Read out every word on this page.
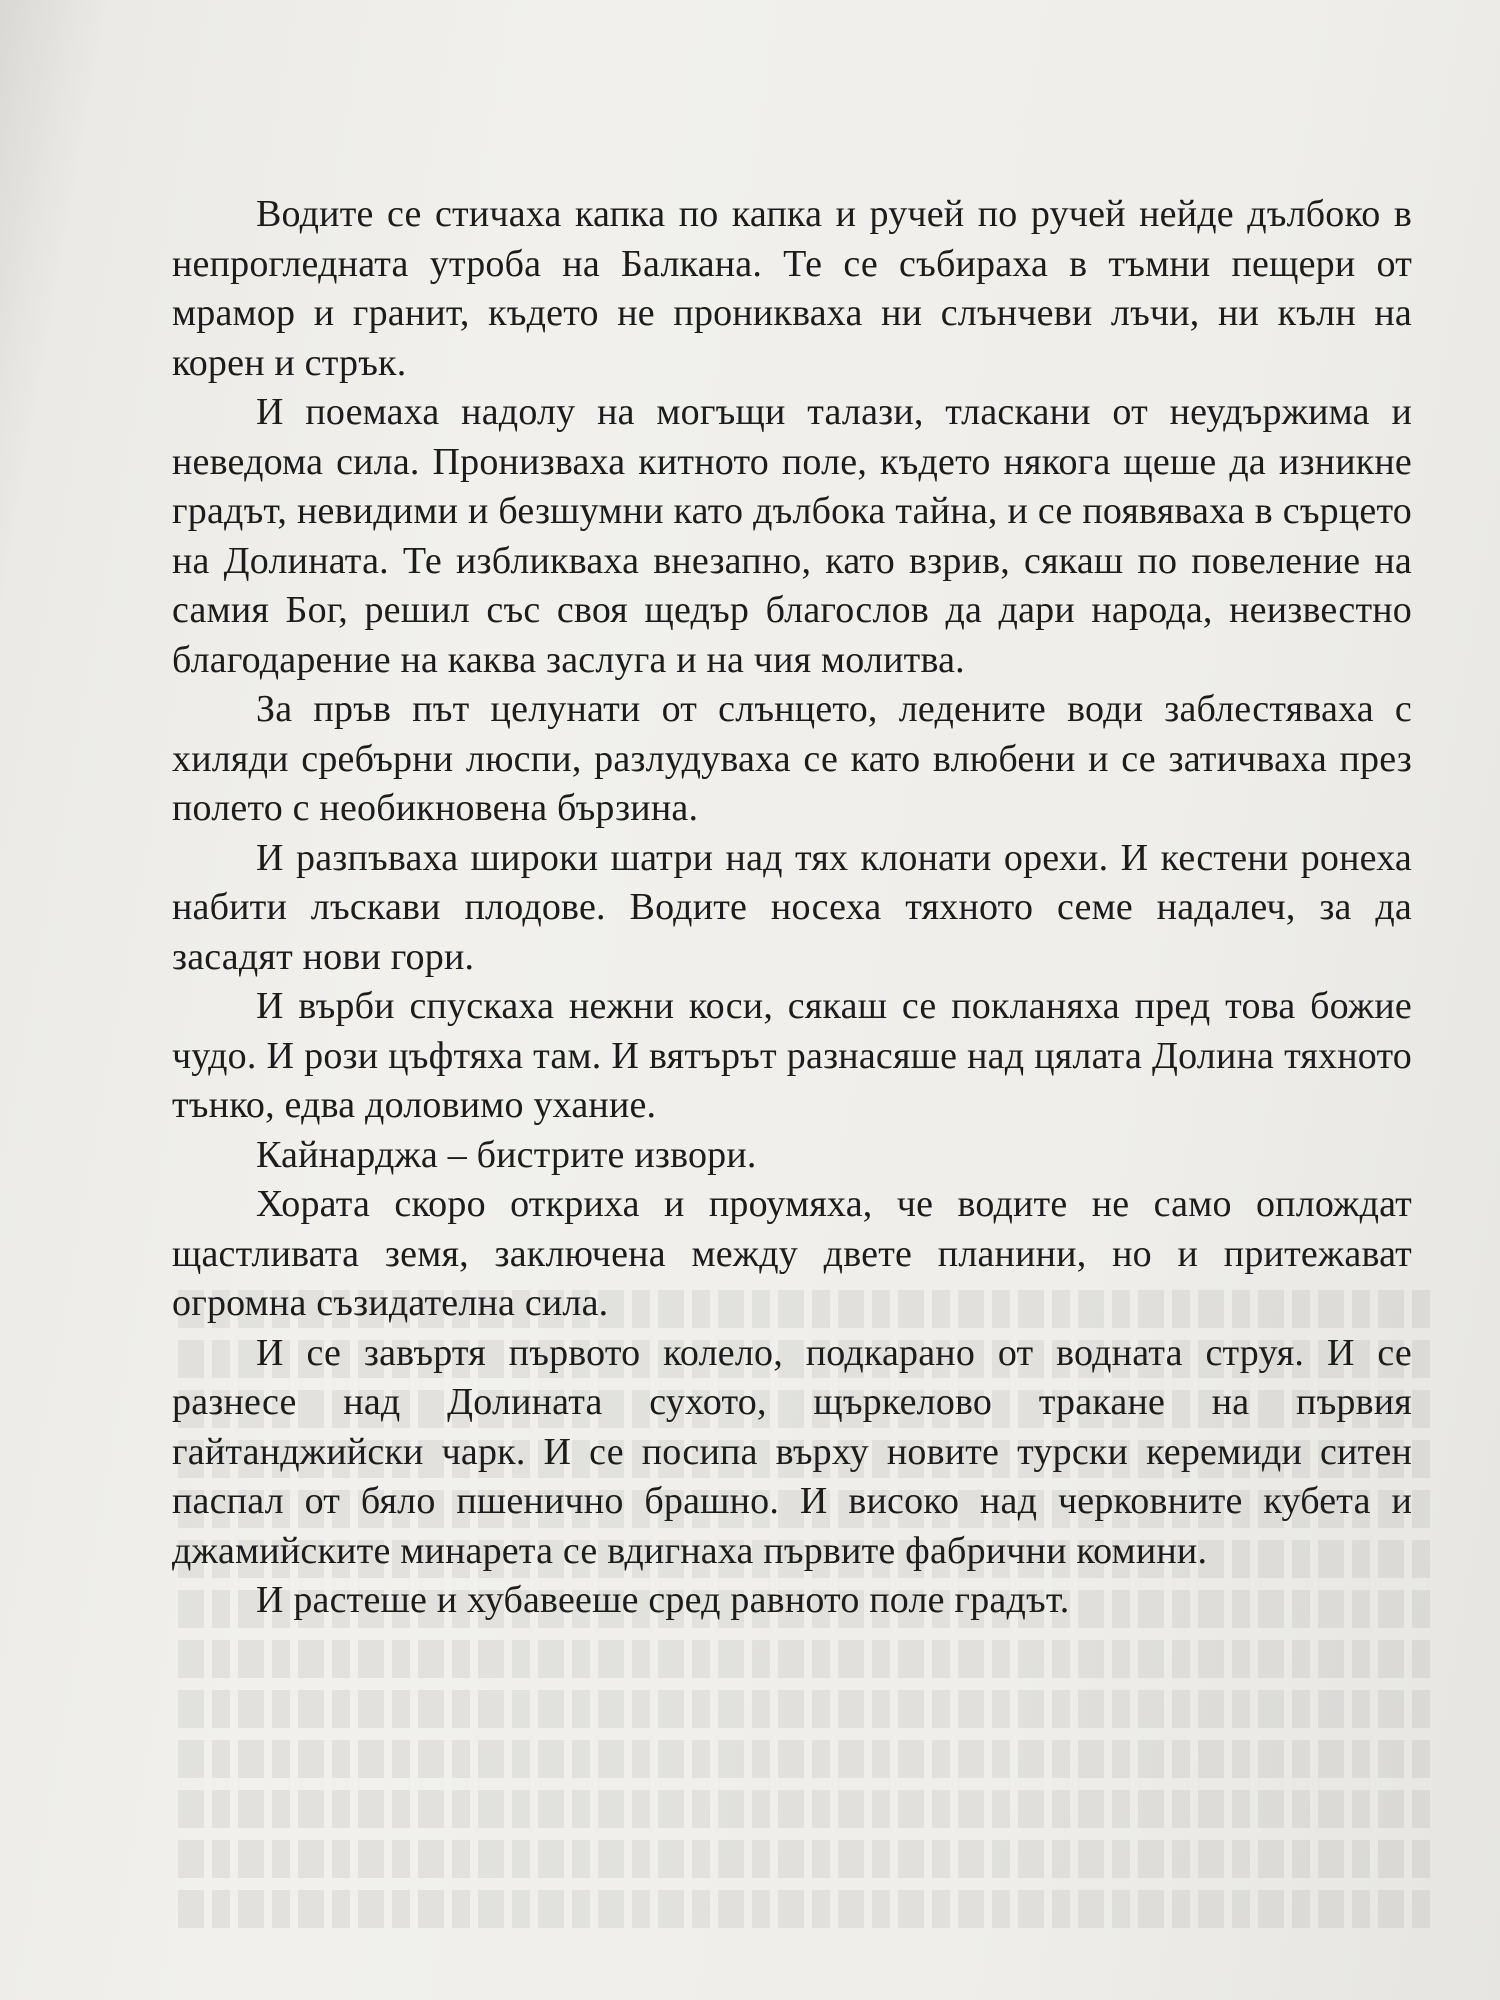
Водите се стичаха капка по капка и ручей по ручей нейде дълбоко в непрогледната утроба на Балкана. Те се събираха в тъмни пещери от мрамор и гранит, където не проникваха ни слънчеви лъчи, ни кълн на корен и стрък.

И поемаха надолу на могъщи талази, тласкани от неудържима и неведома сила. Пронизваха китното поле, където някога щеше да изникне градът, невидими и безшумни като дълбока тайна, и се появяваха в сърцето на Долината. Те избликваха внезапно, като взрив, сякаш по повеление на самия Бог, решил със своя щедър благослов да дари народа, неизвестно благодарение на каква заслуга и на чия молитва.

За пръв път целунати от слънцето, ледените води заблестяваха с хиляди сребърни люспи, разлудуваха се като влюбени и се затичваха през полето с необикновена бързина.

И разпъваха широки шатри над тях клонати орехи. И кестени ронеха набити лъскави плодове. Водите носеха тяхното семе надалеч, за да засадят нови гори.

И върби спускаха нежни коси, сякаш се покланяха пред това божие чудо. И рози цъфтяха там. И вятърът разнасяше над цялата Долина тяхното тънко, едва доловимо ухание.

Кайнарджа – бистрите извори.

Хората скоро откриха и проумяха, че водите не само оплождат щастливата земя, заключена между двете планини, но и притежават огромна съзидателна сила.

И се завъртя първото колело, подкарано от водната струя. И се разнесе над Долината сухото, щъркелово тракане на първия гайтанджийски чарк. И се посипа върху новите турски керемиди ситен паспал от бяло пшенично брашно. И високо над черковните кубета и джамийските минарета се вдигнаха първите фабрични комини.

И растеше и хубавееше сред равното поле градът.
